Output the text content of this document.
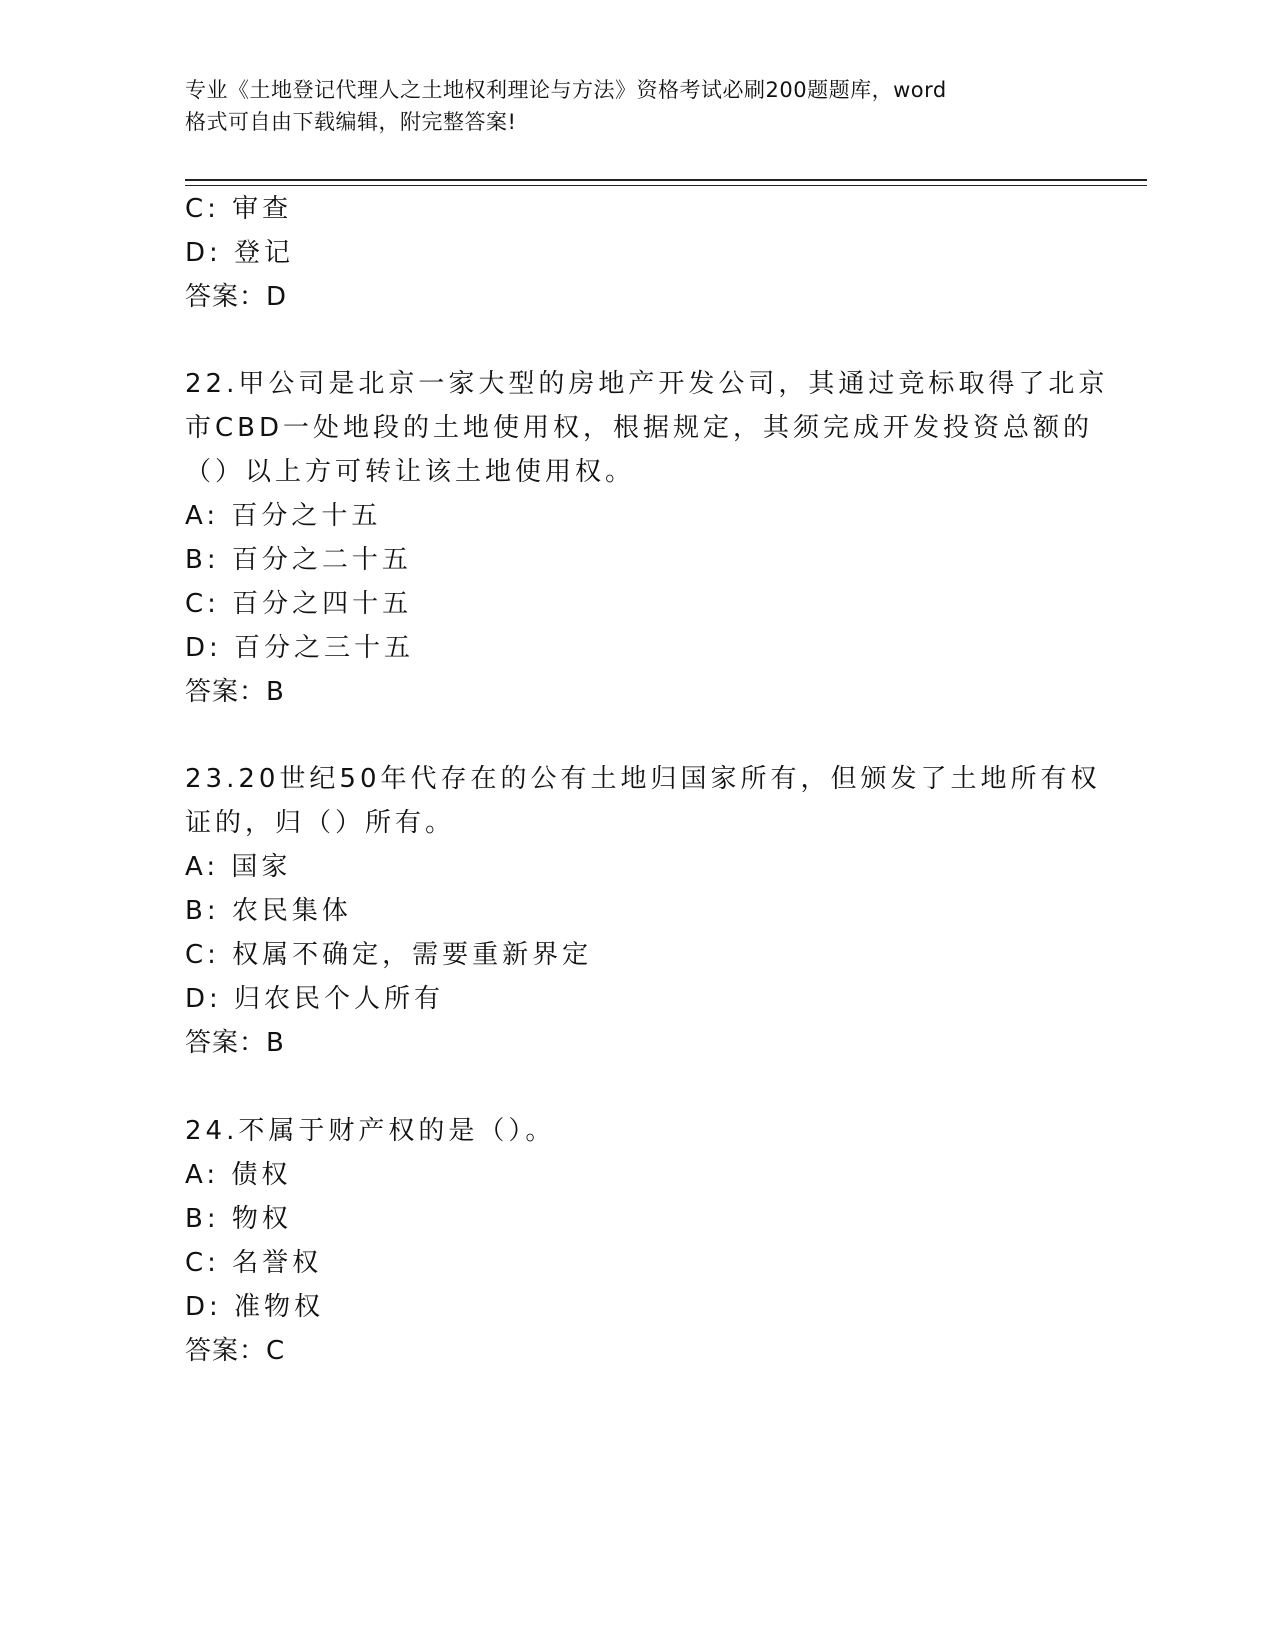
专业《土地登记代理人之土地权利理论与方法》资格考试必刷200题题库，word
格式可自由下载编辑，附完整答案!
C: 审查
D: 登记
答案：D
22.甲公司是北京一家大型的房地产开发公司，其通过竞标取得了北京
市CBD一处地段的土地使用权，根据规定，其须完成开发投资总额的
（）以上方可转让该土地使用权。
A: 百分之十五
B: 百分之二十五
C: 百分之四十五
D: 百分之三十五
答案：B
23.20世纪50年代存在的公有土地归国家所有，但颁发了土地所有权
证的，归（）所有。
A: 国家
B: 农民集体
C: 权属不确定，需要重新界定
D: 归农民个人所有
答案：B
24.不属于财产权的是（）。
A: 债权
B: 物权
C: 名誉权
D: 准物权
答案：C
